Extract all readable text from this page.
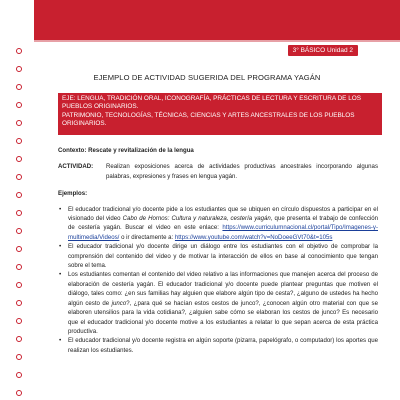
3° BÁSICO Unidad 2
EJEMPLO DE ACTIVIDAD SUGERIDA DEL PROGRAMA YAGÁN
EJE: LENGUA, TRADICIÓN ORAL, ICONOGRAFÍA, PRÁCTICAS DE LECTURA Y ESCRITURA DE LOS PUEBLOS ORIGINARIOS.
PATRIMONIO, TECNOLOGÍAS, TÉCNICAS, CIENCIAS Y ARTES ANCESTRALES DE LOS PUEBLOS ORIGINARIOS.
Contexto: Rescate y revitalización de la lengua
ACTIVIDAD:	Realizan exposiciones acerca de actividades productivas ancestrales incorporando algunas palabras, expresiones y frases en lengua yagán.
Ejemplos:
• El educador tradicional y/o docente pide a los estudiantes que se ubiquen en círculo dispuestos a participar en el visionado del video Cabo de Hornos: Cultura y naturaleza, cestería yagán, que presenta el trabajo de confección de cestería yagán. Buscar el video en este enlace: https://www.curriculumnacional.cl/portal/Tipo/Imagenes-y-multimedia/Videos/ o ir directamente a: https://www.youtube.com/watch?v=NoDoeeGVt70&t=105s
• El educador tradicional y/o docente dirige un diálogo entre los estudiantes con el objetivo de comprobar la comprensión del contenido del video y de motivar la interacción de ellos en base al conocimiento que tengan sobre el tema.
• Los estudiantes comentan el contenido del video relativo a las informaciones que manejen acerca del proceso de elaboración de cestería yagán. El educador tradicional y/o docente puede plantear preguntas que motiven el diálogo, tales como: ¿en sus familias hay alguien que elabore algún tipo de cesta?, ¿alguno de ustedes ha hecho algún cesto de junco?, ¿para qué se hacían estos cestos de junco?, ¿conocen algún otro material con que se elaboren utensilios para la vida cotidiana?, ¿alguien sabe cómo se elaboran los cestos de junco? Es necesario que el educador tradicional y/o docente motive a los estudiantes a relatar lo que sepan acerca de esta práctica productiva.
• El educador tradicional y/o docente registra en algún soporte (pizarra, papelógrafo, o computador) los aportes que realizan los estudiantes.
